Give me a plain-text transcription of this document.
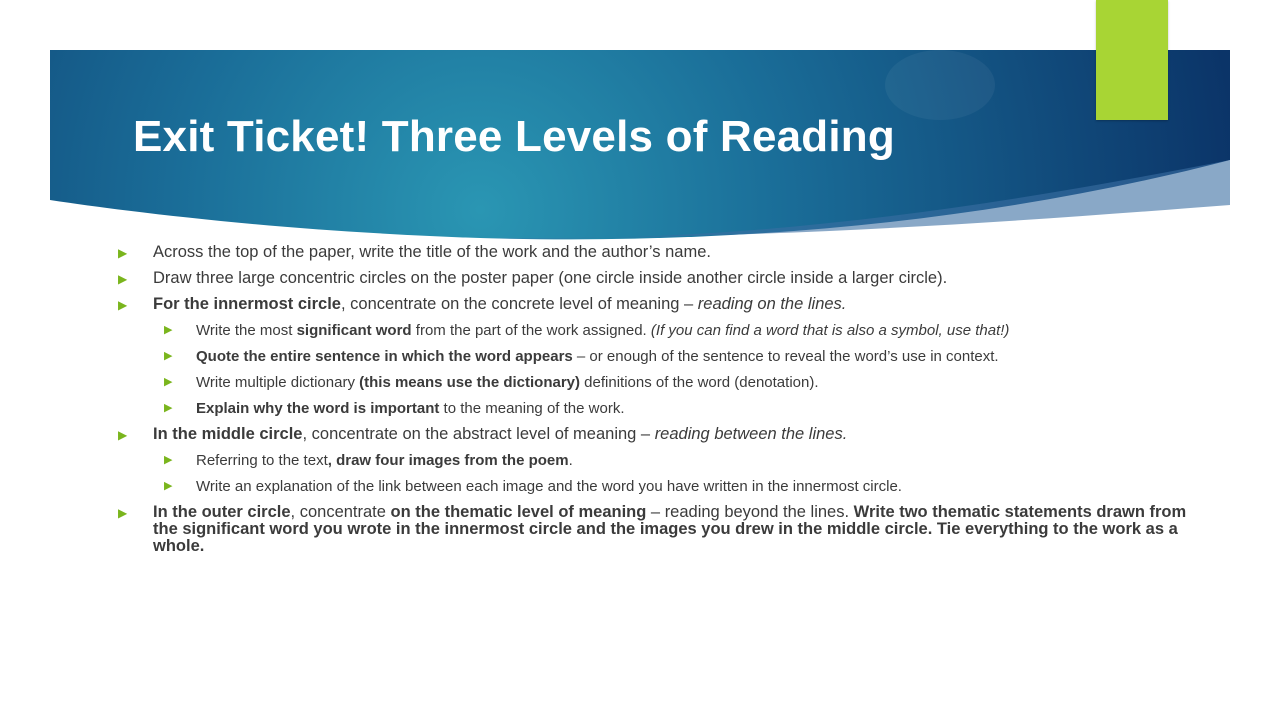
Exit Ticket! Three Levels of Reading
▶	Across the top of the paper, write the title of the work and the author’s name.
▶	Draw three large concentric circles on the poster paper (one circle inside another circle inside a larger circle).
▶	For the innermost circle, concentrate on the concrete level of meaning – reading on the lines.
▶	Write the most significant word from the part of the work assigned. (If you can find a word that is also a symbol, use that!)
▶	Quote the entire sentence in which the word appears – or enough of the sentence to reveal the word’s use in context.
▶	Write multiple dictionary (this means use the dictionary) definitions of the word (denotation).
▶	Explain why the word is important to the meaning of the work.
▶	In the middle circle, concentrate on the abstract level of meaning – reading between the lines.
▶	Referring to the text, draw four images from the poem.
▶	Write an explanation of the link between each image and the word you have written in the innermost circle.
▶	In the outer circle, concentrate on the thematic level of meaning – reading beyond the lines. Write two thematic statements drawn from the significant word you wrote in the innermost circle and the images you drew in the middle circle. Tie everything to the work as a whole.
